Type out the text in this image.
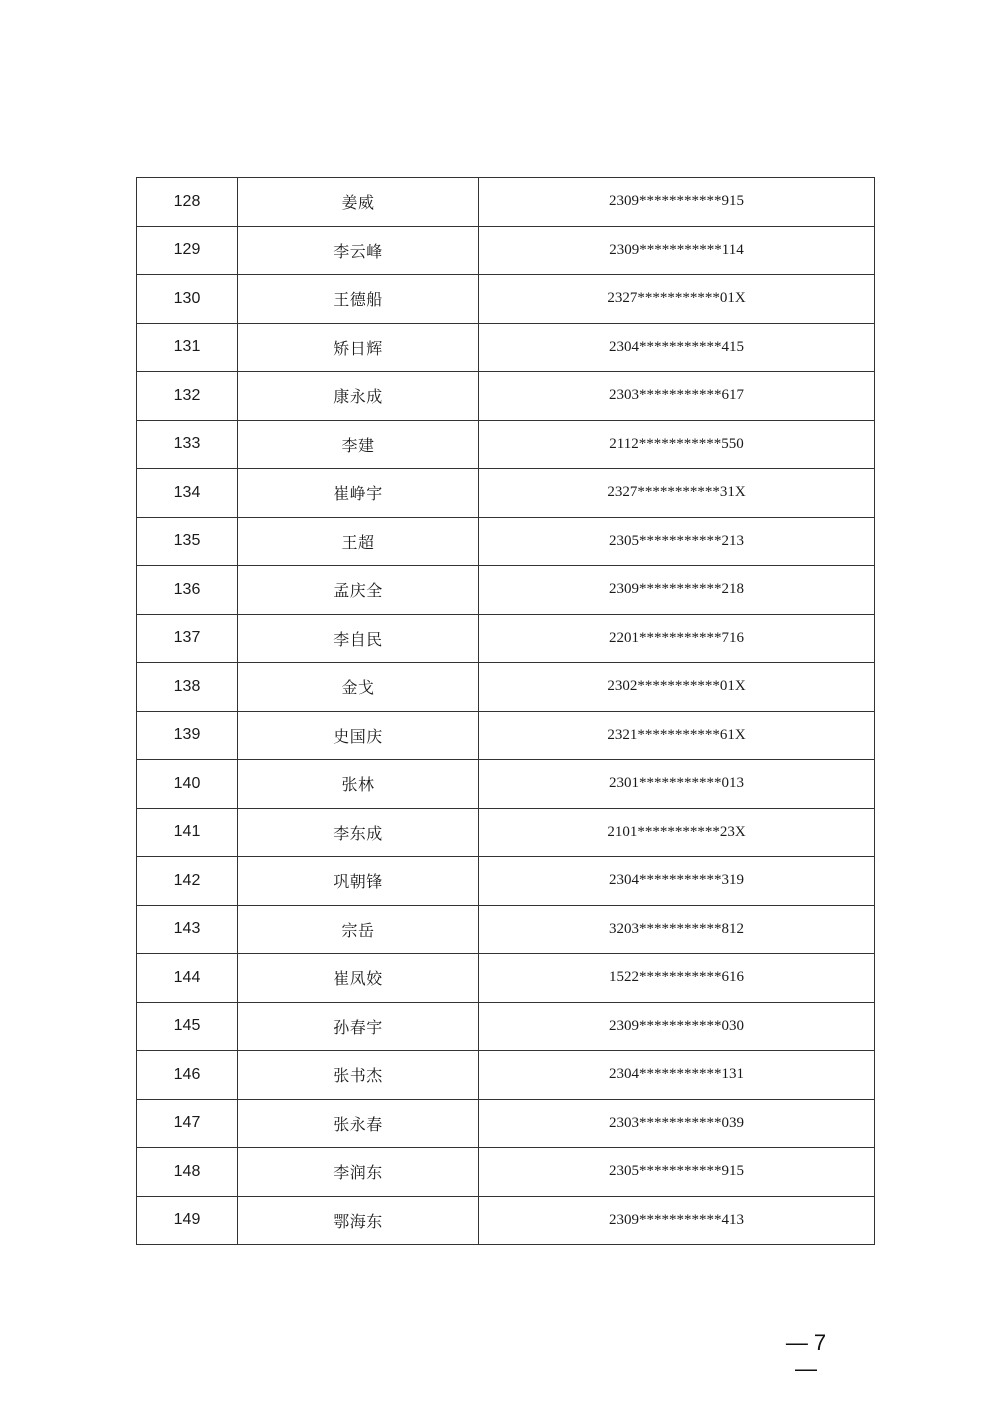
128	姜威	2309***********915
129	李云峰	2309***********114
130	王德船	2327***********01X
131	矫日辉	2304***********415
132	康永成	2303***********617
133	李建	2112***********550
134	崔峥宇	2327***********31X
135	王超	2305***********213
136	孟庆全	2309***********218
137	李自民	2201***********716
138	金戈	2302***********01X
139	史国庆	2321***********61X
140	张林	2301***********013
141	李东成	2101***********23X
142	巩朝锋	2304***********319
143	宗岳	3203***********812
144	崔凤姣	1522***********616
145	孙春宇	2309***********030
146	张书杰	2304***********131
147	张永春	2303***********039
148	李润东	2305***********915
149	鄂海东	2309***********413
— 7 —
